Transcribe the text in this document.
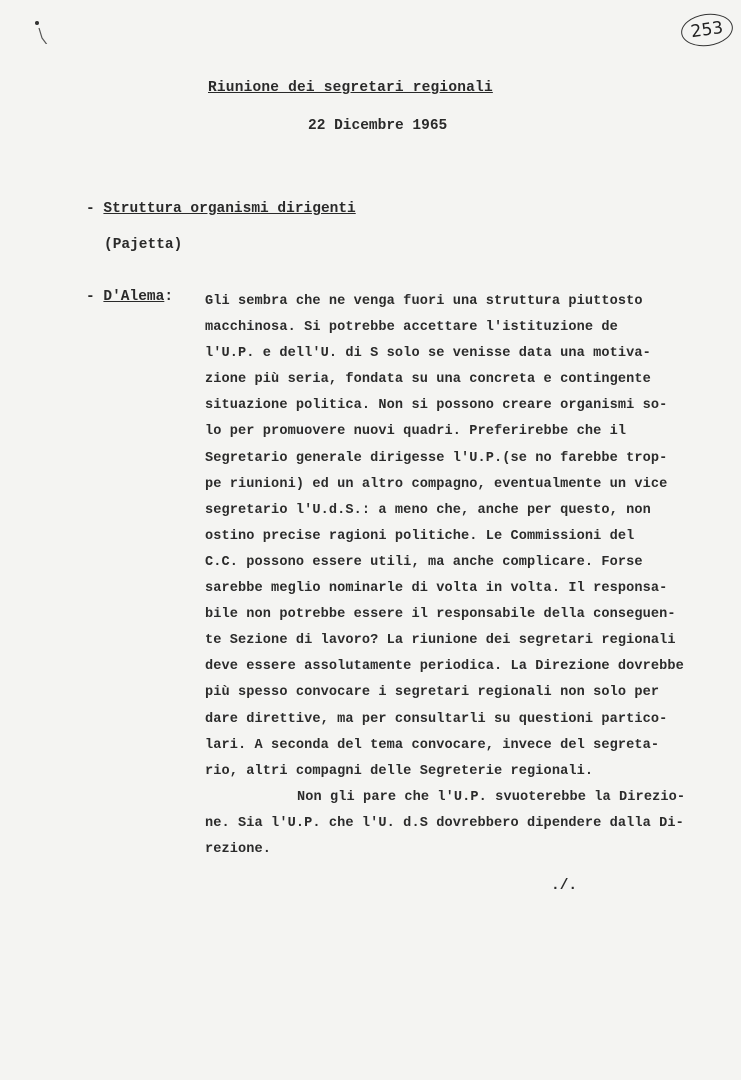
253
Riunione dei segretari regionali
22 Dicembre 1965
- Struttura organismi dirigenti
(Pajetta)
- D'Alema: Gli sembra che ne venga fuori una struttura piuttosto
macchinosa. Si potrebbe accettare l'istituzione de
l'U.P. e dell'U. di S solo se venisse data una motiva-
zione più seria, fondata su una concreta e contingente
situazione politica. Non si possono creare organismi so-
lo per promuovere nuovi quadri. Preferirebbe che il
Segretario generale dirigesse l'U.P.(se no farebbe trop-
pe riunioni) ed un altro compagno, eventualmente un vice
segretario l'U.d.S.: a meno che, anche per questo, non
ostino precise ragioni politiche. Le Commissioni del
C.C. possono essere utili, ma anche complicare. Forse
sarebbe meglio nominarle di volta in volta. Il responsa-
bile non potrebbe essere il responsabile della conseguen-
te Sezione di lavoro? La riunione dei segretari regionali
deve essere assolutamente periodica. La Direzione dovrebbe
più spesso convocare i segretari regionali non solo per
dare direttive, ma per consultarli su questioni partico-
lari. A seconda del tema convocare, invece del segreta-
rio, altri compagni delle Segreterie regionali.
Non gli pare che l'U.P. svuoterebbe la Direzio-
ne. Sia l'U.P. che l'U. d.S dovrebbero dipendere dalla Di-
rezione.
./.
